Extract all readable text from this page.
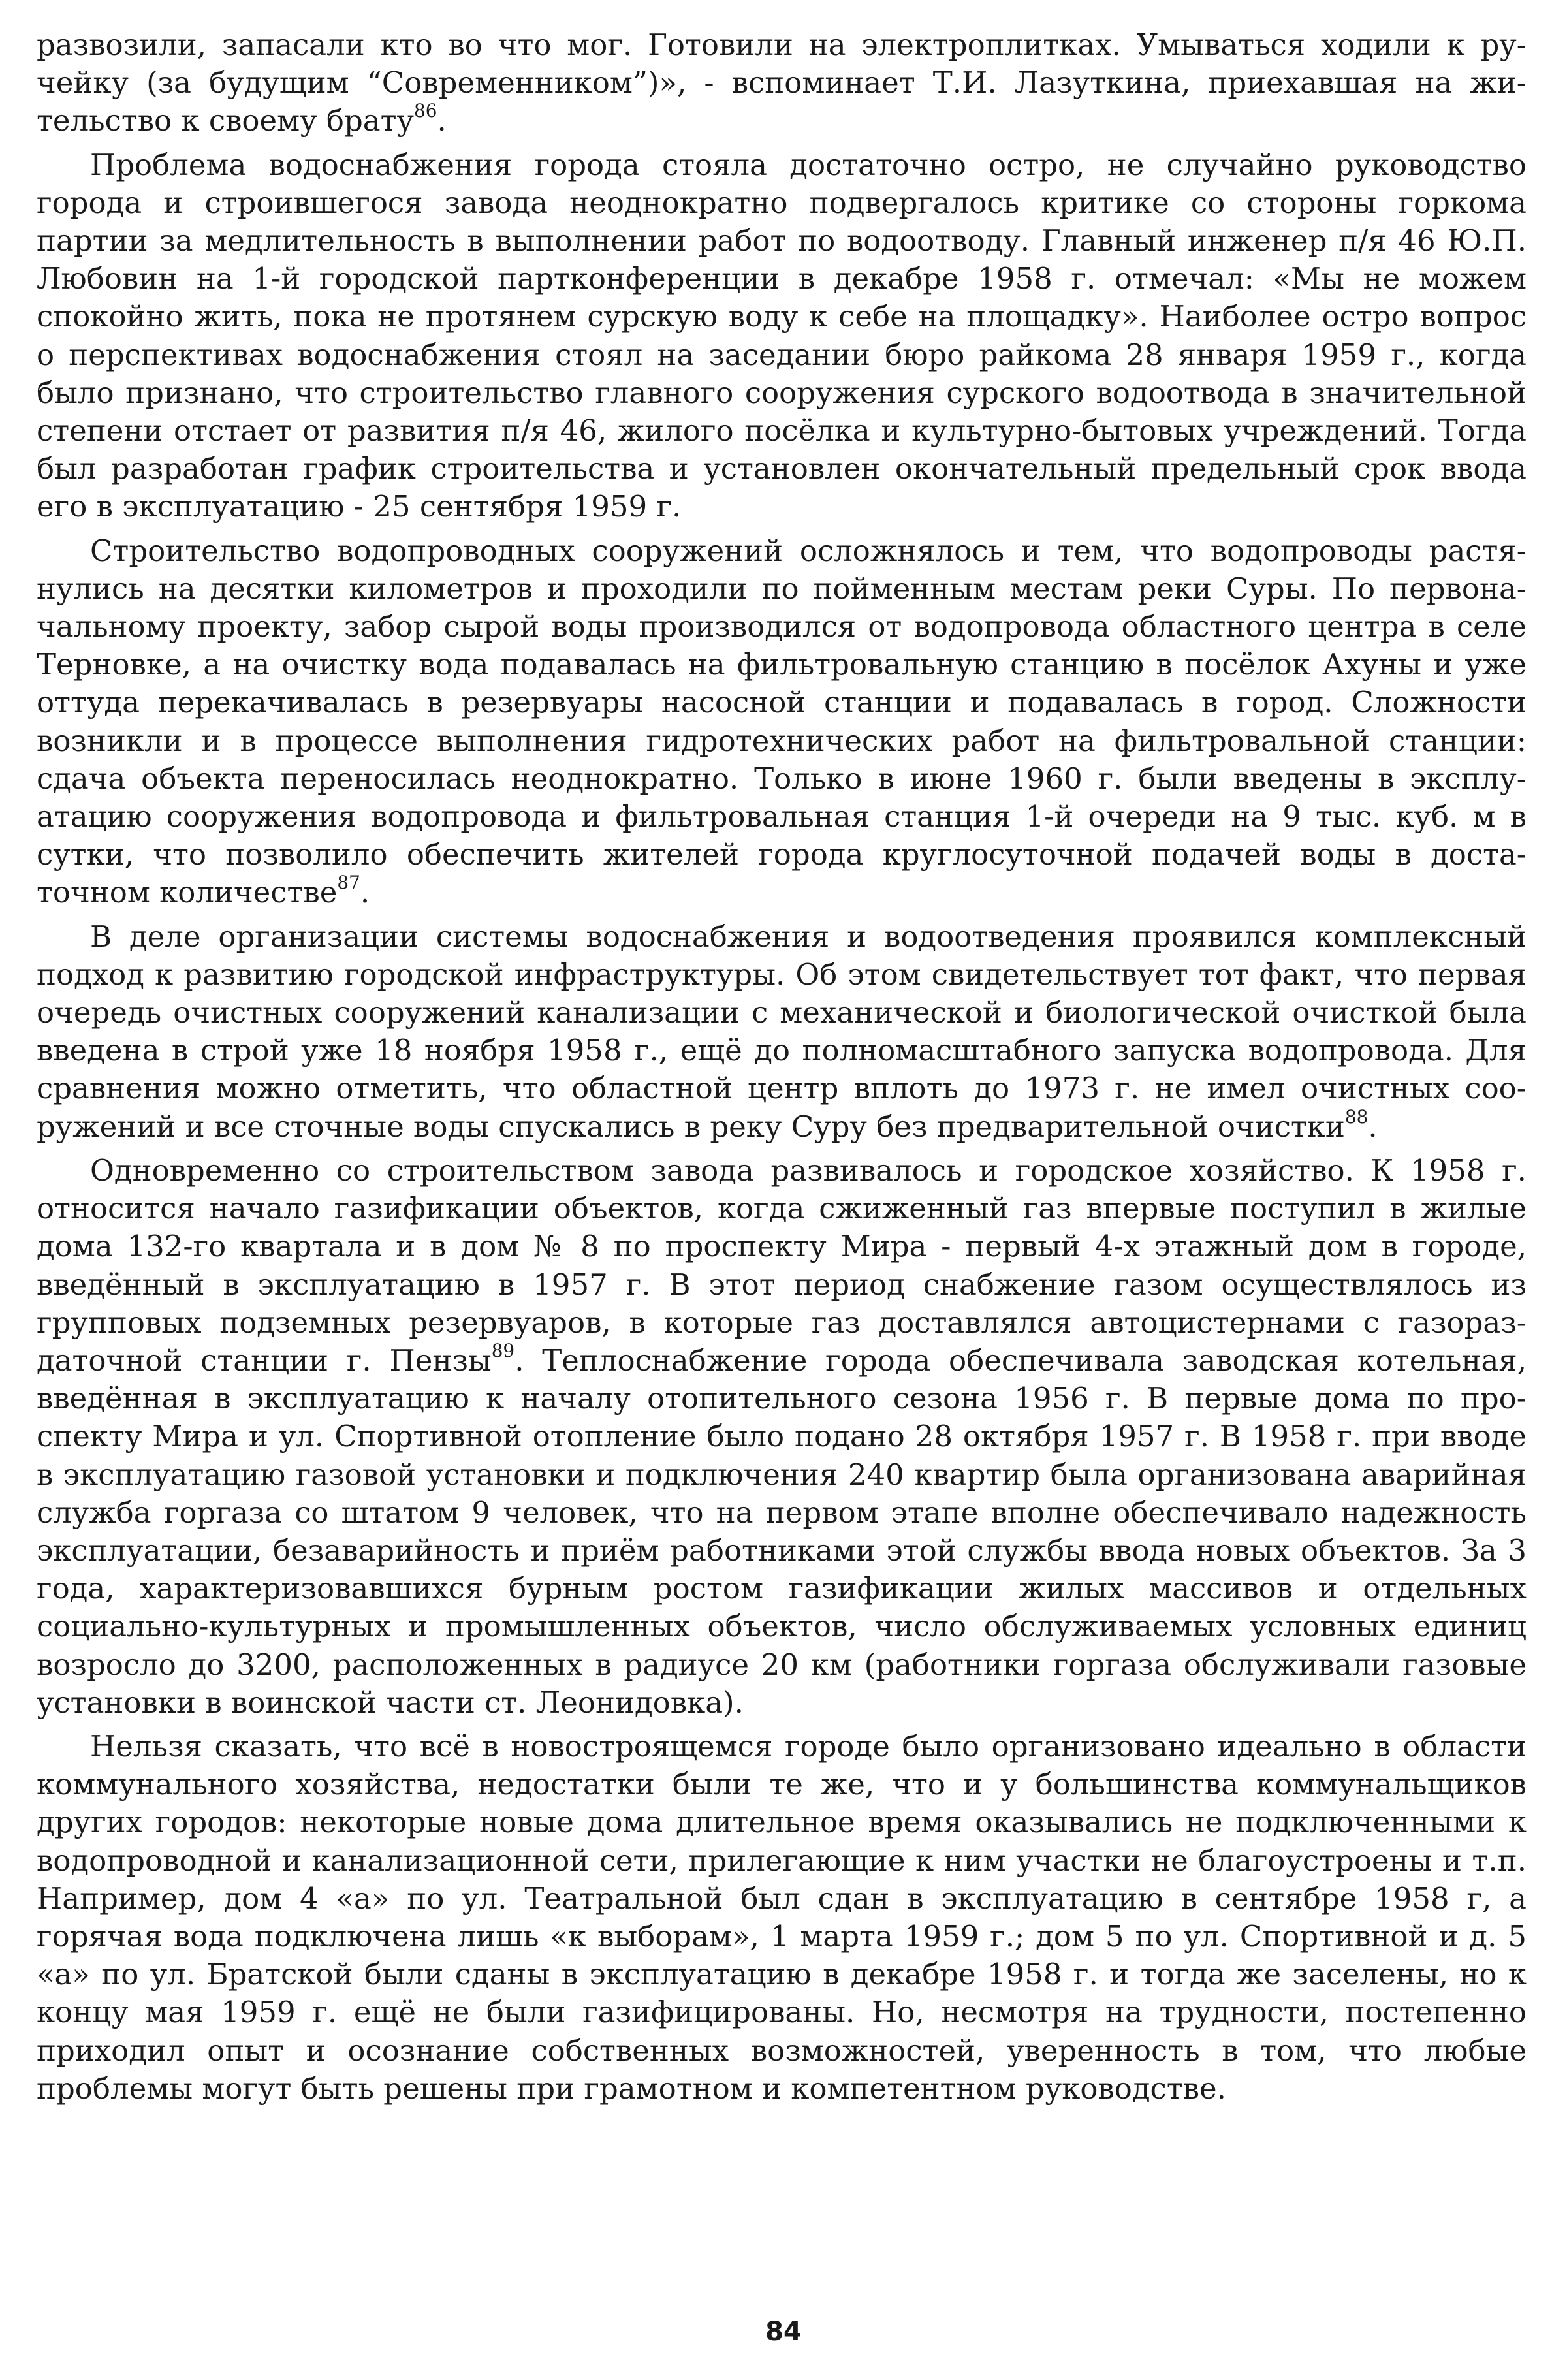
развозили, запасали кто во что мог. Готовили на электроплитках. Умываться ходили к ручейку (за будущим “Современником”)», - вспоминает Т.И. Лазуткина, приехавшая на жительство к своему брату$^{86}$.

Проблема водоснабжения города стояла достаточно остро, не случайно руководство города и строившегося завода неоднократно подвергалось критике со стороны горкома партии за медлительность в выполнении работ по водоотводу. Главный инженер п/я 46 Ю.П. Любовин на 1-й городской партконференции в декабре 1958 г. отмечал: «Мы не можем спокойно жить, пока не протянем сурскую воду к себе на площадку». Наиболее остро вопрос о перспективах водоснабжения стоял на заседании бюро райкома 28 января 1959 г., когда было признано, что строительство главного сооружения сурского водоотвода в значительной степени отстает от развития п/я 46, жилого посёлка и культурно-бытовых учреждений. Тогда был разработан график строительства и установлен окончательный предельный срок ввода его в эксплуатацию - 25 сентября 1959 г.

Строительство водопроводных сооружений осложнялось и тем, что водопроводы растянулись на десятки километров и проходили по пойменным местам реки Суры. По первоначальному проекту, забор сырой воды производился от водопровода областного центра в селе Терновке, а на очистку вода подавалась на фильтровальную станцию в посёлок Ахуны и уже оттуда перекачивалась в резервуары насосной станции и подавалась в город. Сложности возникли и в процессе выполнения гидротехнических работ на фильтровальной станции: сдача объекта переносилась неоднократно. Только в июне 1960 г. были введены в эксплуатацию сооружения водопровода и фильтровальная станция 1-й очереди на 9 тыс. куб. м в сутки, что позволило обеспечить жителей города круглосуточной подачей воды в достаточном количестве$^{87}$.

В деле организации системы водоснабжения и водоотведения проявился комплексный подход к развитию городской инфраструктуры. Об этом свидетельствует тот факт, что первая очередь очистных сооружений канализации с механической и биологической очисткой была введена в строй уже 18 ноября 1958 г., ещё до полномасштабного запуска водопровода. Для сравнения можно отметить, что областной центр вплоть до 1973 г. не имел очистных сооружений и все сточные воды спускались в реку Суру без предварительной очистки$^{88}$.

Одновременно со строительством завода развивалось и городское хозяйство. К 1958 г. относится начало газификации объектов, когда сжиженный газ впервые поступил в жилые дома 132-го квартала и в дом № 8 по проспекту Мира - первый 4-х этажный дом в городе, введённый в эксплуатацию в 1957 г. В этот период снабжение газом осуществлялось из групповых подземных резервуаров, в которые газ доставлялся автоцистернами с газораздаточной станции г. Пензы$^{89}$. Теплоснабжение города обеспечивала заводская котельная, введённая в эксплуатацию к началу отопительного сезона 1956 г. В первые дома по проспекту Мира и ул. Спортивной отопление было подано 28 октября 1957 г. В 1958 г. при вводе в эксплуатацию газовой установки и подключения 240 квартир была организована аварийная служба горгаза со штатом 9 человек, что на первом этапе вполне обеспечивало надежность эксплуатации, безаварийность и приём работниками этой службы ввода новых объектов. За 3 года, характеризовавшихся бурным ростом газификации жилых массивов и отдельных социально-культурных и промышленных объектов, число обслуживаемых условных единиц возросло до 3200, расположенных в радиусе 20 км (работники горгаза обслуживали газовые установки в воинской части ст. Леонидовка).

Нельзя сказать, что всё в новостроящемся городе было организовано идеально в области коммунального хозяйства, недостатки были те же, что и у большинства коммунальщиков других городов: некоторые новые дома длительное время оказывались не подключенными к водопроводной и канализационной сети, прилегающие к ним участки не благоустроены и т.п. Например, дом 4 «а» по ул. Театральной был сдан в эксплуатацию в сентябре 1958 г, а горячая вода подключена лишь «к выборам», 1 марта 1959 г.; дом 5 по ул. Спортивной и д. 5 «а» по ул. Братской были сданы в эксплуатацию в декабре 1958 г. и тогда же заселены, но к концу мая 1959 г. ещё не были газифицированы. Но, несмотря на трудности, постепенно приходил опыт и осознание собственных возможностей, уверенность в том, что любые проблемы могут быть решены при грамотном и компетентном руководстве.

84
